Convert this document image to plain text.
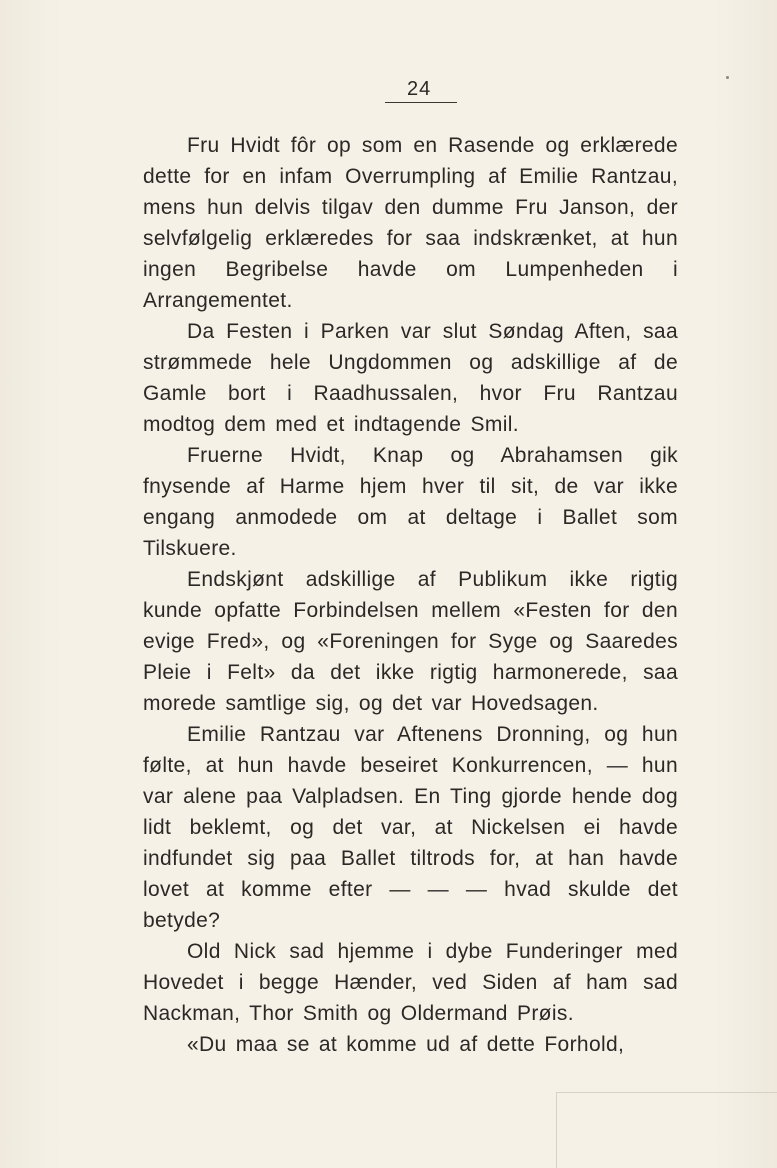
24

Fru Hvidt fôr op som en Rasende og erklærede dette for en infam Overrumpling af Emilie Rantzau, mens hun delvis tilgav den dumme Fru Janson, der selvfølgelig erklæredes for saa indskrænket, at hun ingen Begribelse havde om Lumpenheden i Arrangementet.

Da Festen i Parken var slut Søndag Aften, saa strømmede hele Ungdommen og adskillige af de Gamle bort i Raadhussalen, hvor Fru Rantzau modtog dem med et indtagende Smil.

Fruerne Hvidt, Knap og Abrahamsen gik fnysende af Harme hjem hver til sit, de var ikke engang anmodede om at deltage i Ballet som Tilskuere.

Endskjønt adskillige af Publikum ikke rigtig kunde opfatte Forbindelsen mellem «Festen for den evige Fred», og «Foreningen for Syge og Saaredes Pleie i Felt» da det ikke rigtig harmonerede, saa morede samtlige sig, og det var Hovedsagen.

Emilie Rantzau var Aftenens Dronning, og hun følte, at hun havde beseiret Konkurrencen, — hun var alene paa Valpladsen. En Ting gjorde hende dog lidt beklemt, og det var, at Nickelsen ei havde indfundet sig paa Ballet tiltrods for, at han havde lovet at komme efter — — — hvad skulde det betyde?

Old Nick sad hjemme i dybe Funderinger med Hovedet i begge Hænder, ved Siden af ham sad Nackman, Thor Smith og Oldermand Prøis.

«Du maa se at komme ud af dette Forhold,
